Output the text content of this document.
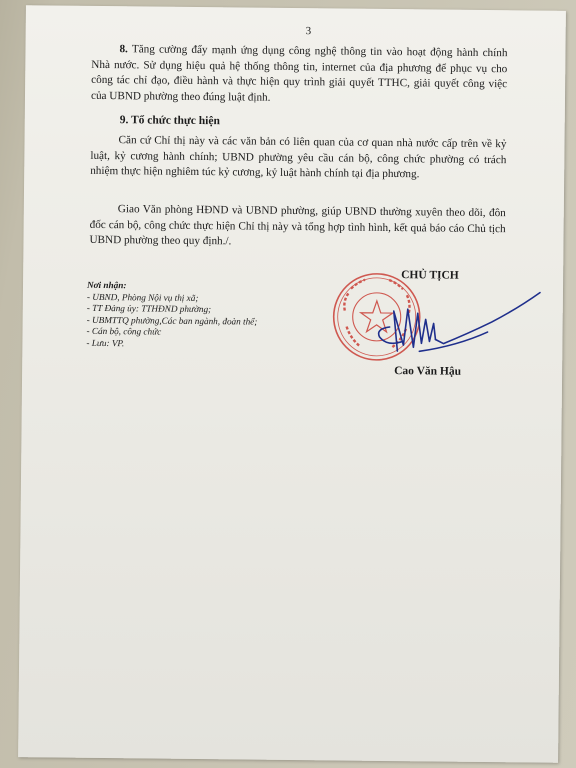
3
8. Tăng cường đẩy mạnh ứng dụng công nghệ thông tin vào hoạt động hành chính Nhà nước. Sử dụng hiệu quả hệ thống thông tin, internet của địa phương để phục vụ cho công tác chỉ đạo, điều hành và thực hiện quy trình giải quyết TTHC, giải quyết công việc của UBND phường theo đúng luật định.
9. Tổ chức thực hiện
Căn cứ Chỉ thị này và các văn bản có liên quan của cơ quan nhà nước cấp trên về kỷ luật, kỷ cương hành chính; UBND phường yêu cầu cán bộ, công chức phường có trách nhiệm thực hiện nghiêm túc kỷ cương, kỷ luật hành chính tại địa phương.
Giao Văn phòng HĐND và UBND phường, giúp UBND thường xuyên theo dõi, đôn đốc cán bộ, công chức thực hiện Chỉ thị này và tổng hợp tình hình, kết quả báo cáo Chủ tịch UBND phường theo quy định./.
Nơi nhận:
- UBND, Phòng Nội vụ thị xã;
- TT Đảng ủy: TTHĐND phường;
- UBMTTQ phường,Các ban ngành, đoàn thể;
- Cán bộ, công chức
- Lưu: VP.
CHỦ TỊCH
Cao Văn Hậu
